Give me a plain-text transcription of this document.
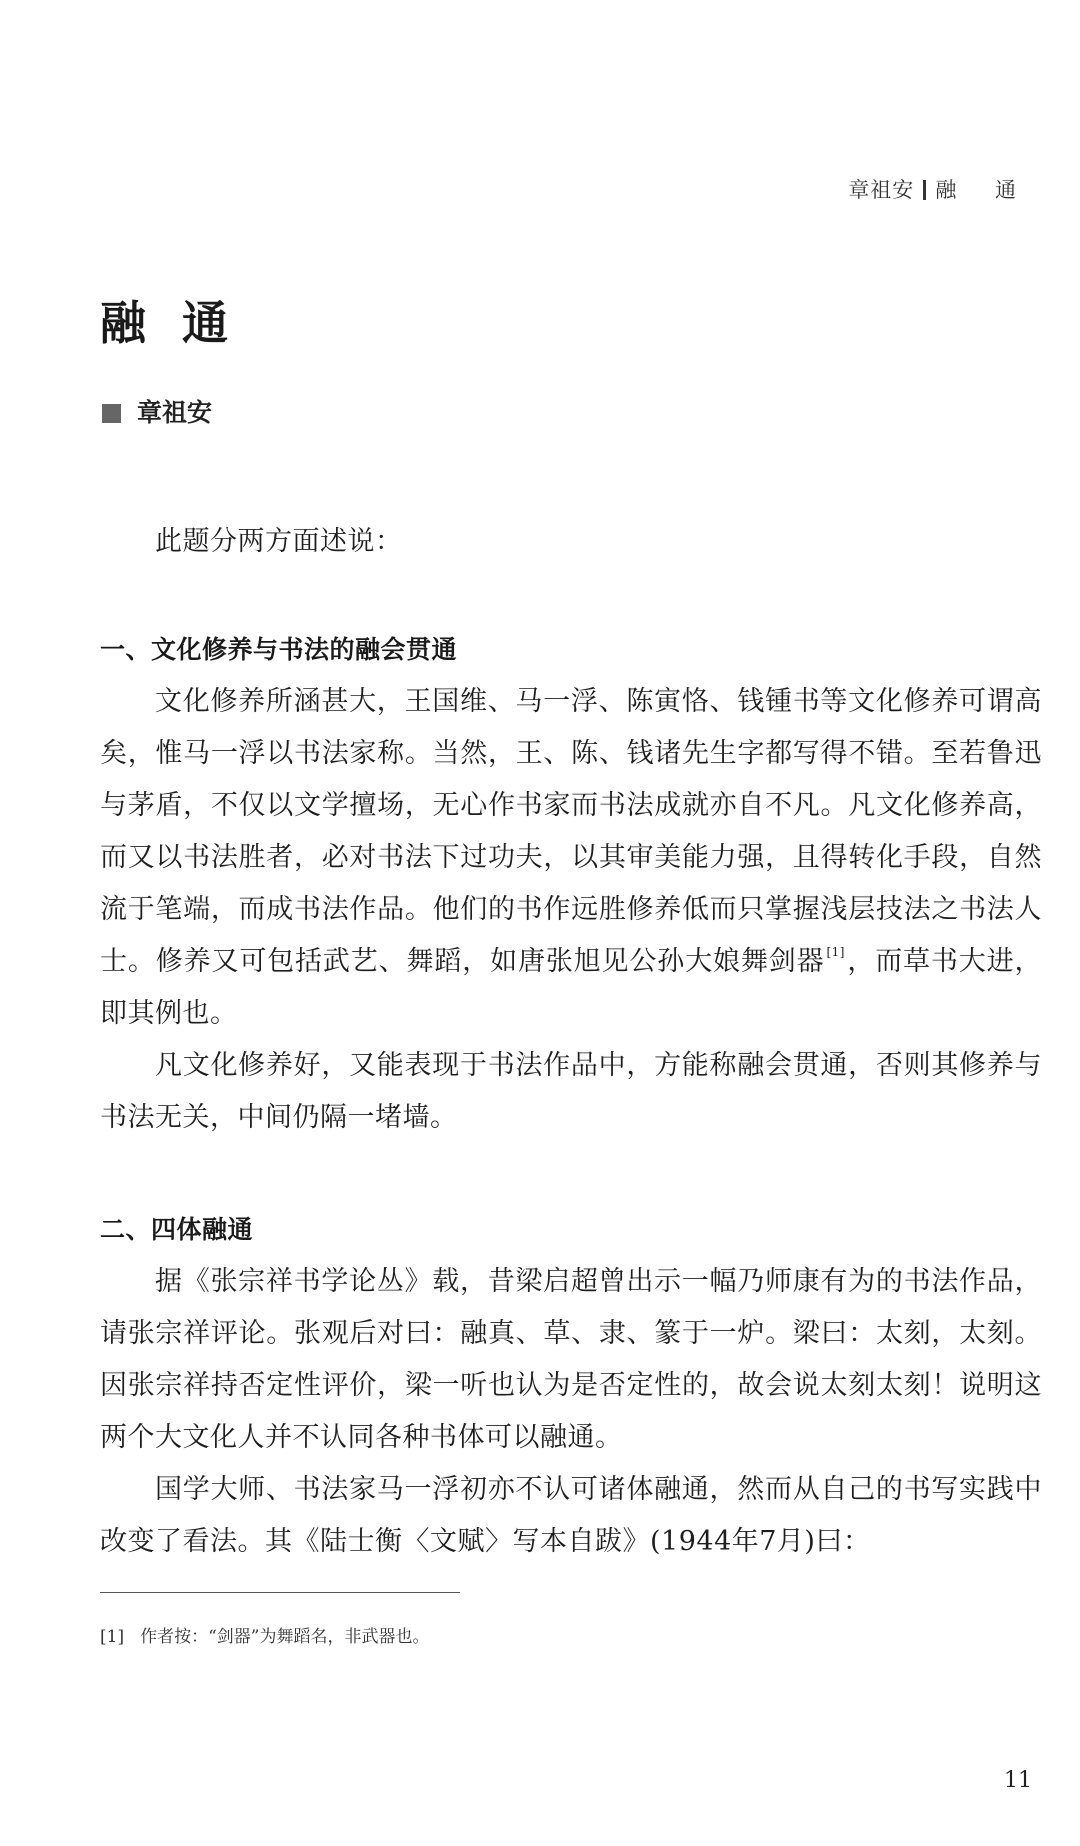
章祖安 融 通
融通
章祖安

此题分两方面述说：

一、文化修养与书法的融会贯通

文化修养所涵甚大，王国维、马一浮、陈寅恪、钱锺书等文化修养可谓高矣，惟马一浮以书法家称。当然，王、陈、钱诸先生字都写得不错。至若鲁迅与茅盾，不仅以文学擅场，无心作书家而书法成就亦自不凡。凡文化修养高，而又以书法胜者，必对书法下过功夫，以其审美能力强，且得转化手段，自然流于笔端，而成书法作品。他们的书作远胜修养低而只掌握浅层技法之书法人士。修养又可包括武艺、舞蹈，如唐张旭见公孙大娘舞剑器 [1]，而草书大进，即其例也。

凡文化修养好，又能表现于书法作品中，方能称融会贯通，否则其修养与书法无关，中间仍隔一堵墙。

二、四体融通

据《张宗祥书学论丛》载，昔梁启超曾出示一幅乃师康有为的书法作品，请张宗祥评论。张观后对曰：融真、草、隶、篆于一炉。梁曰：太刻，太刻。因张宗祥持否定性评价，梁一听也认为是否定性的，故会说太刻太刻！说明这两个大文化人并不认同各种书体可以融通。

国学大师、书法家马一浮初亦不认可诸体融通，然而从自己的书写实践中改变了看法。其《陆士衡〈文赋〉写本自跋》(1944年7月)曰：

[1] 作者按：“剑器”为舞蹈名，非武器也。
11
